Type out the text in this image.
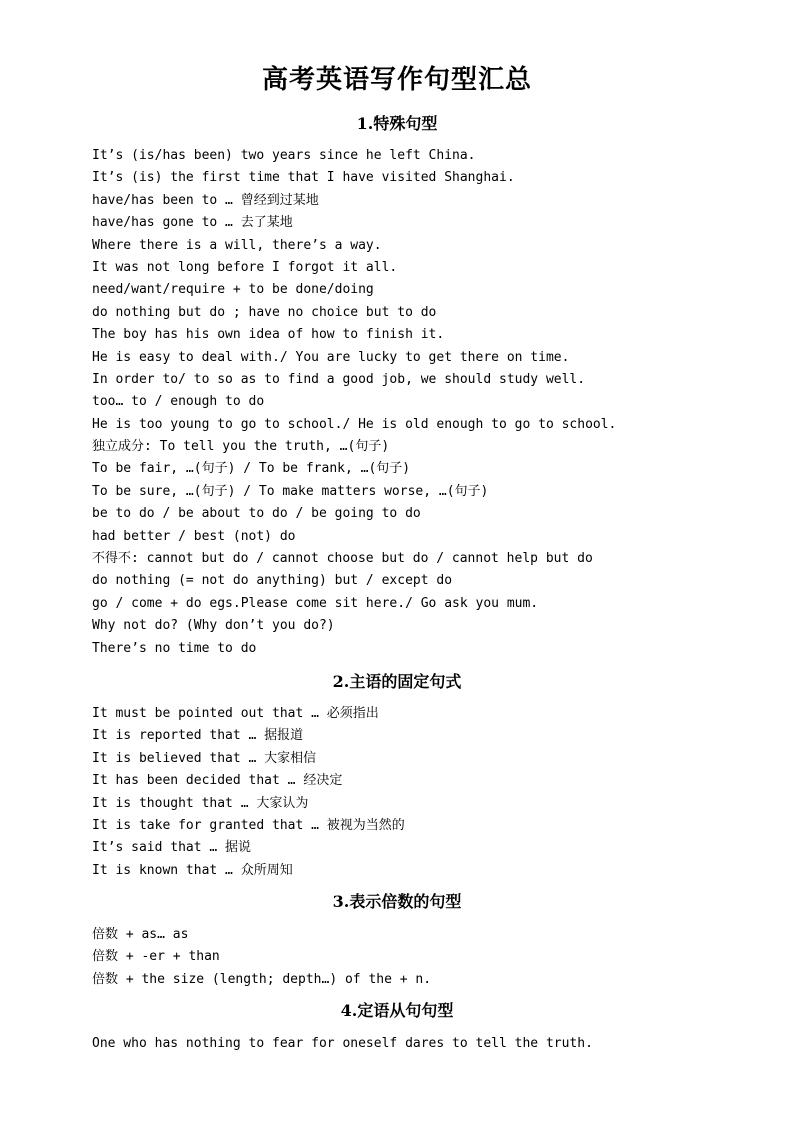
高考英语写作句型汇总
1.特殊句型
It’s (is/has been) two years since he left China.
It’s (is) the first time that I have visited Shanghai.
have/has been to … 曾经到过某地
have/has gone to … 去了某地
Where there is a will, there’s a way.
It was not long before I forgot it all.
need/want/require + to be done/doing
do nothing but do ; have no choice but to do
The boy has his own idea of how to finish it.
He is easy to deal with./ You are lucky to get there on time.
In order to/ to so as to find a good job, we should study well.
too… to / enough to do
He is too young to go to school./ He is old enough to go to school.
独立成分: To tell you the truth, …(句子)
To be fair, …(句子) / To be frank, …(句子)
To be sure, …(句子) / To make matters worse, …(句子)
be to do / be about to do / be going to do
had better / best (not) do
不得不: cannot but do / cannot choose but do / cannot help but do
do nothing (= not do anything) but / except do
go / come + do egs.Please come sit here./ Go ask you mum.
Why not do? (Why don’t you do?)
There’s no time to do
2.主语的固定句式
It must be pointed out that … 必须指出
It is reported that … 据报道
It is believed that … 大家相信
It has been decided that … 经决定
It is thought that … 大家认为
It is take for granted that … 被视为当然的
It’s said that … 据说
It is known that … 众所周知
3.表示倍数的句型
倍数 + as… as
倍数 + -er + than
倍数 + the size (length; depth…) of the + n.
4.定语从句句型
One who has nothing to fear for oneself dares to tell the truth.
